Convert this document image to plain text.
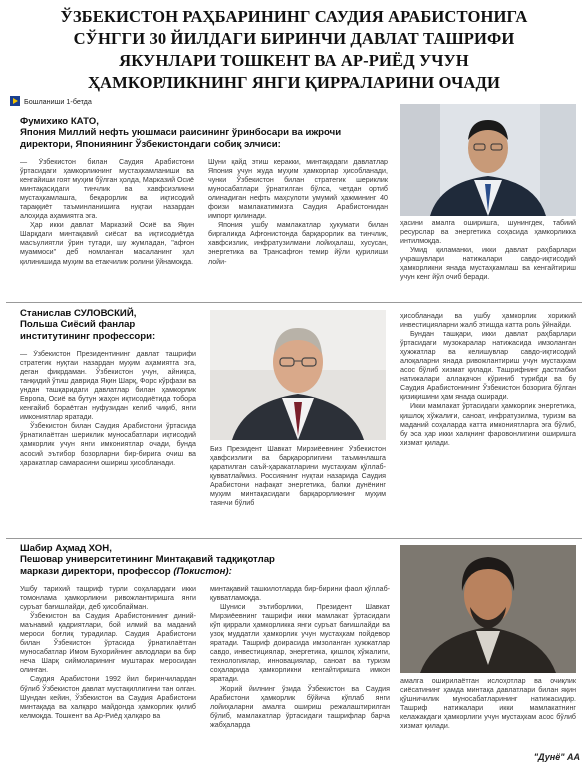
ЎЗБЕКИСТОН РАҲБАРИНИНГ САУДИЯ АРАБИСТОНИГА
СЎНГГИ 30 ЙИЛДАГИ БИРИНЧИ ДАВЛАТ ТАШРИФИ
ЯКУНЛАРИ ТОШКЕНТ ВА АР-РИЁД УЧУН
ҲАМКОРЛИКНИНГ ЯНГИ ҚИРРАЛАРИНИ ОЧАДИ
Бошланиши 1-бетда
Фумихико КАТО,
Япония Миллий нефть уюшмаси раисининг ўринбосари ва ижрочи
директори, Япониянинг Ўзбекистондаги собиқ элчиси:

— Ўзбекистон билан Саудия Арабистони ўртасидаги ҳамкорликнинг мустаҳкамланиши ва кенгайиши гоят муҳим бўлган ҳолда, Марказий Осиё минтақасидаги тинчлик ва хавфсизликни мустаҳкамлашга, беқарорлик ва иқтисодий тараққиёт таъминланишига нуқтаи назардан алоҳида аҳамиятга эга.

Ҳар икки давлат Марказий Осиё ва Яқин Шарқдаги минтақавий сиёсат ва иқтисодиётда масъулиятли ўрин тутади, шу жумладан, "афғон муаммоси" деб номланган масаланинг ҳал қилинишида муҳим ва етакчилик ролини ўйнамоқда.

Шуни қайд этиш керакки, минтақадаги давлатлар Япония учун жуда муҳим ҳамкорлар ҳисобланади, чунки Ўзбекистон билан стратегик шериклик муносабатлари ўрнатилган бўлса, четдан ортиб олинадиган нефть маҳсулоти умумий ҳажмининг 40 фоизи мамлакатимизга Саудия Арабистонидан импорт қилинади.

Япония ушбу мамлакатлар ҳукумати билан биргаликда Афғонистонда барқарорлик ва тинчлик, хавфсизлик, инфратузилмани лойиҳалаш, хусусан, энергетика ва Трансафғон темир йўли қурилиши лойи-

ҳасини амалга оширишга, шунингдек, табиий ресурслар ва энергетика соҳасида ҳамкорликка интилмоқда.

Умид қиламанки, икки давлат раҳбарлари учрашувлари натижалари савдо-иқтисодий ҳамкорликни янада мустаҳкамлаш ва кенгайтириш учун кенг йўл очиб беради.

Станислав СУЛОВСКИЙ,
Польша Сиёсий фанлар
институтининг профессори:

— Ўзбекистон Президентининг давлат ташрифи стратегик нуқтаи назардан муҳим аҳамиятга эга, деган фикрдаман. Ўзбекистон учун, айниқса, танқидий ўтиш даврида Яқин Шарқ, Форс кўрфази ва ундан ташқаридаги давлатлар билан ҳамкорлик Европа, Осиё ва бутун жаҳон иқтисодиётида тобора кенгайиб бораётган нуфузидан келиб чиқиб, янги имкониятлар яратади.

Ўзбекистон билан Саудия Арабистони ўртасида ўрнатилаётган шериклик муносабатлари иқтисодий ҳамкорлик учун янги имкониятлар очади, бунда асосий эътибор бозорларни бир-бирига очиш ва ҳаракатлар самарасини ошириш ҳисобланади.

Биз Президент Шавкат Мирзиёевнинг Ўзбекистон ҳавфсизлиги ва барқарорлигини таъминлашга қаратилган саъй-ҳаракатларини мустаҳкам қўллаб-қувватлаймиз. Россиянинг нуқтаи назарида Саудия Арабистони нафақат энергетика, балки дунёнинг муҳим минтақасидаги барқарорликнинг муҳим таянчи бўлиб

ҳисобланади ва ушбу ҳамкорлик хорижий инвестицияларни жалб этишда катта роль ўйнайди.

Бундан ташқари, икки давлат раҳбарлари ўртасидаги музокаралар натижасида имзоланган ҳужжатлар ва келишувлар савдо-иқтисодий алоқаларни янада ривожлантириш учун мустаҳкам асос бўлиб хизмат қилади. Ташрифнинг дастлабки натижалари аллақачон кўриниб турибди ва бу Саудия Арабистонининг Ўзбекистон бозорига бўлган қизиқишини ҳам янада оширади.

Икки мамлакат ўртасидаги ҳамкорлик энергетика, қишлоқ хўжалиги, саноат, инфратузилма, туризм ва маданий соҳаларда катта имкониятларга эга бўлиб, бу эса ҳар икки халқнинг фаровонлигини оширишга хизмат қилади.

Шабир Аҳмад ХОН,
Пешовар университетининг Минтақавий тадқиқотлар
маркази директори, профессор (Покистон):

Ушбу тарихий ташриф турли соҳалардаги икки томонлама ҳамкорликни ривожлантиришга янги суръат бағишлайди, деб ҳисоблайман.

Ўзбекистон ва Саудия Арабистонининг диний-маънавий қадриятлари, бой илмий ва маданий мероси боғлиқ турадилар. Саудия Арабистони билан Ўзбекистон ўртасида ўрнатилаётган муносабатлар Имом Бухорийнинг авлодлари ва бир неча Шарқ сиймоларининг муштарак меросидан олинган.

Саудия Арабистони 1992 йил биринчилардан бўлиб Ўзбекистон давлат мустақиллигини тан олган. Шундан кейин, Ўзбекистон ва Саудия Арабистони минтақада ва халқаро майдонда ҳамкорлик қилиб келмоқда. Тошкент ва Ар-Риёд ҳалқаро ва

минтақавий ташкилотларда бир-бирини фаол қўллаб-қувватламоқда.

Шуниси эътиборлики, Президент Шавкат Мирзиёевнинг ташрифи икки мамлакат ўртасидаги кўп қиррали ҳамкорликка янги суръат бағишлайди ва узоқ муддатли ҳамкорлик учун мустаҳкам пойдевор яратади. Ташриф доирасида имзоланган ҳужжатлар савдо, инвестициялар, энергетика, қишлоқ хўжалиги, технологиялар, инновациялар, саноат ва туризм соҳаларида ҳамкорликни кенгайтиришга имкон яратади.

Жорий йилнинг ўзида Ўзбекистон ва Саудия Арабистони ҳамкорлик бўйича кўплаб янги лойиҳаларни амалга ошириш режалаштирилган бўлиб, мамлакатлар ўртасидаги ташрифлар барча жабҳаларда

амалга оширилаётган ислоҳотлар ва очиқлик сиёсатининг ҳамда минтақа давлатлари билан яқин қўшничилик муносабатларининг натижасидир. Ташриф натижалари икки мамлакатнинг келажакдаги ҳамкорлиги учун мустаҳкам асос бўлиб хизмат қилади.

"Дунё" АА
